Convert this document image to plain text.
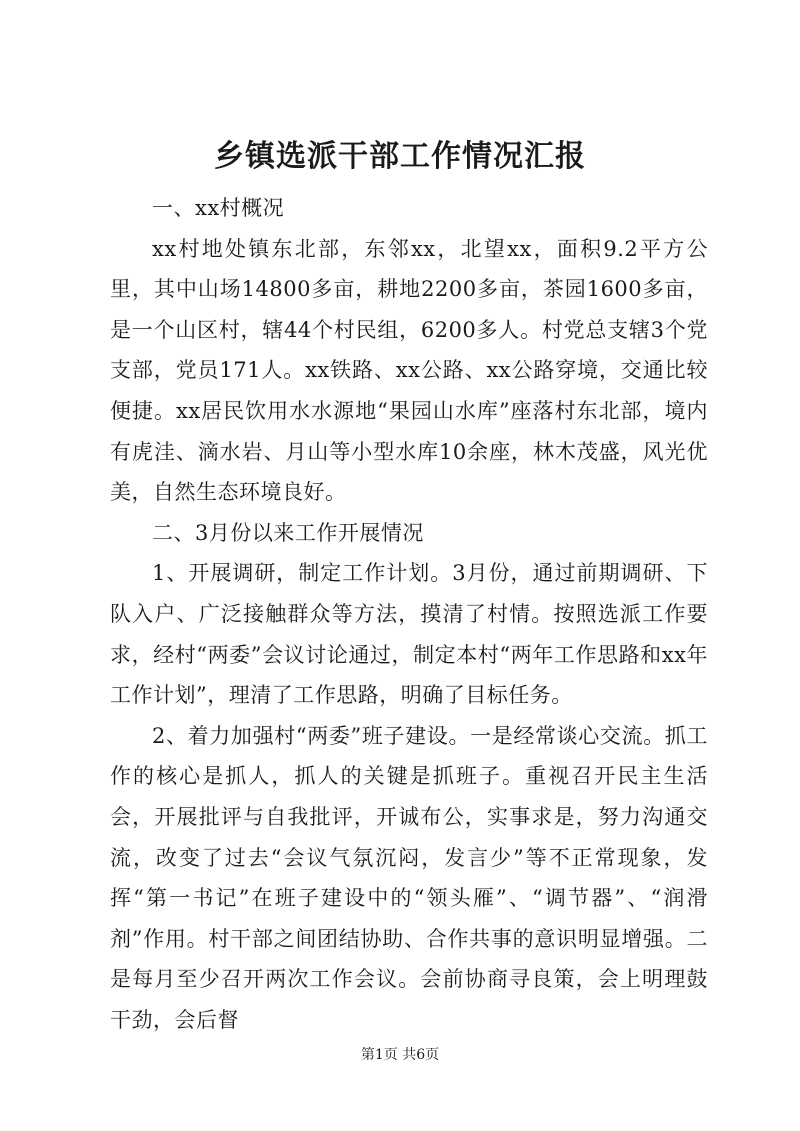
乡镇选派干部工作情况汇报

一、xx村概况

xx村地处镇东北部，东邻xx，北望xx，面积9.2平方公里，其中山场14800多亩，耕地2200多亩，茶园1600多亩，是一个山区村，辖44个村民组，6200多人。村党总支辖3个党支部，党员171人。xx铁路、xx公路、xx公路穿境，交通比较便捷。xx居民饮用水水源地“果园山水库”座落村东北部，境内有虎洼、滴水岩、月山等小型水库10余座，林木茂盛，风光优美，自然生态环境良好。

二、3月份以来工作开展情况

1、开展调研，制定工作计划。3月份，通过前期调研、下队入户、广泛接触群众等方法，摸清了村情。按照选派工作要求，经村“两委”会议讨论通过，制定本村“两年工作思路和xx年工作计划”，理清了工作思路，明确了目标任务。

2、着力加强村“两委”班子建设。一是经常谈心交流。抓工作的核心是抓人，抓人的关键是抓班子。重视召开民主生活会，开展批评与自我批评，开诚布公，实事求是，努力沟通交流，改变了过去“会议气氛沉闷，发言少”等不正常现象，发挥“第一书记”在班子建设中的“领头雁”、“调节器”、“润滑剂”作用。村干部之间团结协助、合作共事的意识明显增强。二是每月至少召开两次工作会议。会前协商寻良策，会上明理鼓干劲，会后督

第1页 共6页
